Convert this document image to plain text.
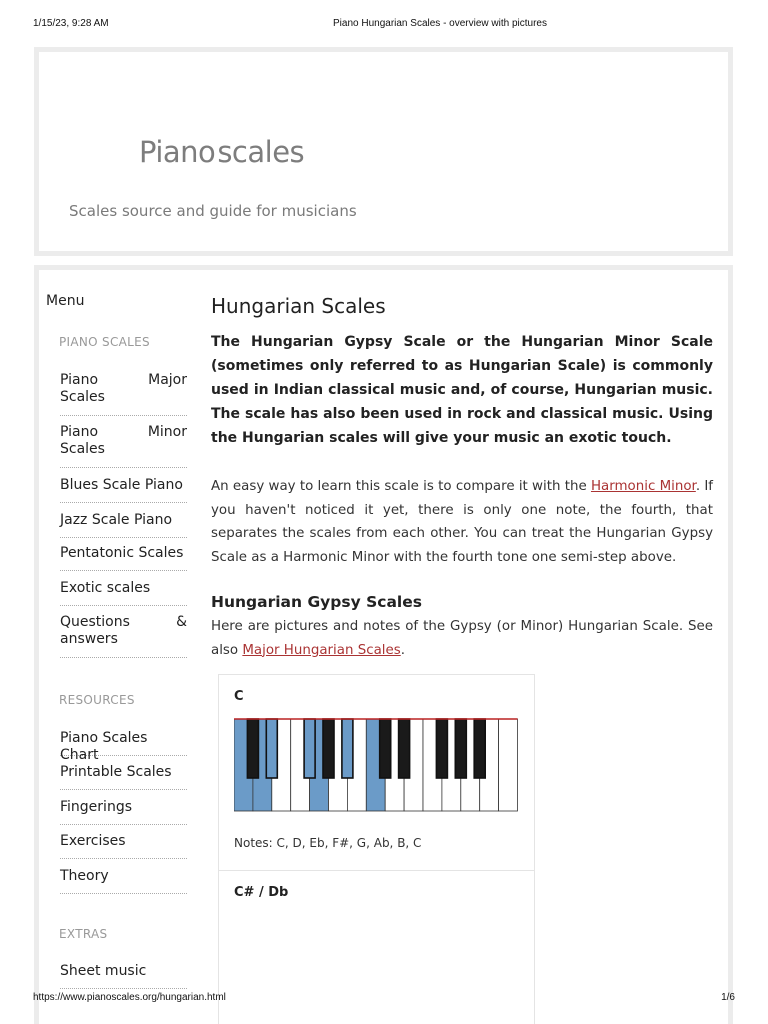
1/15/23, 9:28 AM	Piano Hungarian Scales - overview with pictures
Pianoscales
Scales source and guide for musicians
Menu
PIANO SCALES
Piano	Major
Scales
Piano	Minor
Scales
Blues Scale Piano
Jazz Scale Piano
Pentatonic Scales
Exotic scales
Questions	&
answers
RESOURCES
Piano Scales Chart
Printable Scales
Fingerings
Exercises
Theory
EXTRAS
Sheet music
Hungarian Scales

The Hungarian Gypsy Scale or the Hungarian Minor Scale (sometimes only referred to as Hungarian Scale) is commonly used in Indian classical music and, of course, Hungarian music. The scale has also been used in rock and classical music. Using the Hungarian scales will give your music an exotic touch.

An easy way to learn this scale is to compare it with the Harmonic Minor. If you haven't noticed it yet, there is only one note, the fourth, that separates the scales from each other. You can treat the Hungarian Gypsy Scale as a Harmonic Minor with the fourth tone one semi-step above.

Hungarian Gypsy Scales

Here are pictures and notes of the Gypsy (or Minor) Hungarian Scale. See also Major Hungarian Scales.

C
Notes: C, D, Eb, F#, G, Ab, B, C
C# / Db
https://www.pianoscales.org/hungarian.html	1/6
